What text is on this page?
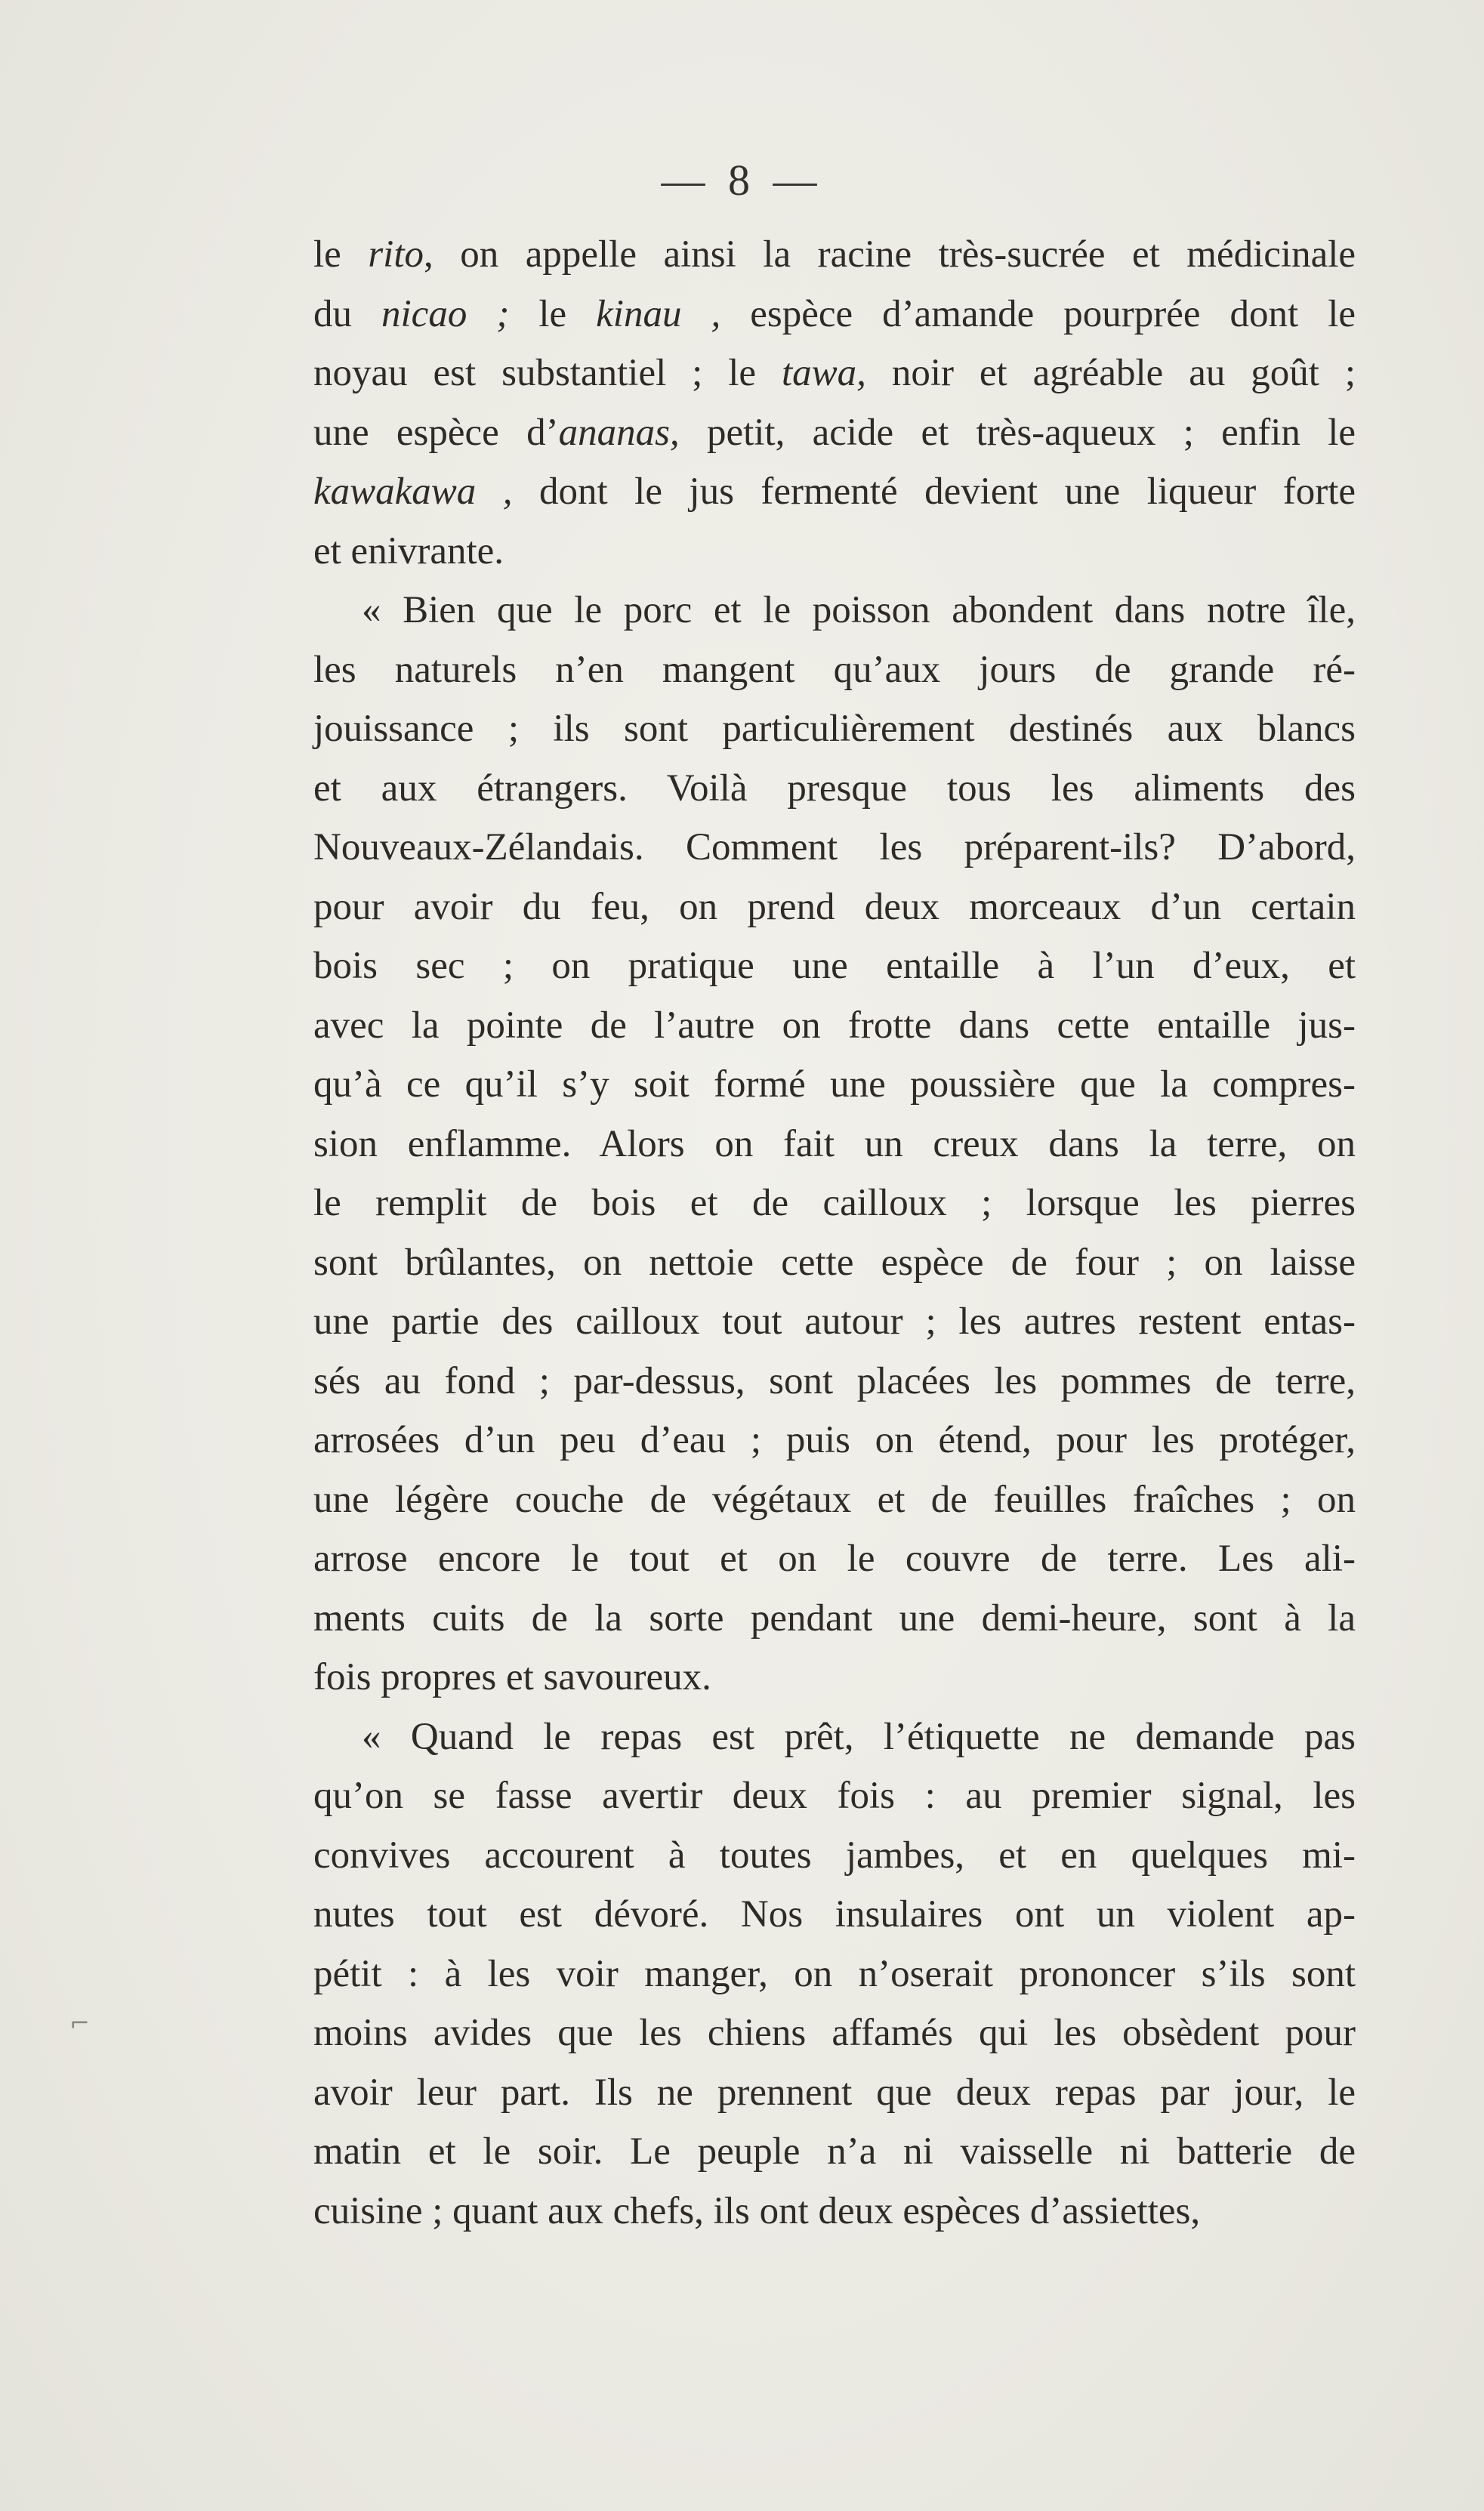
— 8 —
le rito, on appelle ainsi la racine très-sucrée et médicinale
du nicao ; le kinau , espèce d’amande pourprée dont le
noyau est substantiel ; le tawa, noir et agréable au goût ;
une espèce d’ananas, petit, acide et très-aqueux ; enfin le
kawakawa , dont le jus fermenté devient une liqueur forte
et enivrante.
« Bien que le porc et le poisson abondent dans notre île,
les naturels n’en mangent qu’aux jours de grande ré-
jouissance ; ils sont particulièrement destinés aux blancs
et aux étrangers. Voilà presque tous les aliments des
Nouveaux-Zélandais. Comment les préparent-ils? D’abord,
pour avoir du feu, on prend deux morceaux d’un certain
bois sec ; on pratique une entaille à l’un d’eux, et
avec la pointe de l’autre on frotte dans cette entaille jus-
qu’à ce qu’il s’y soit formé une poussière que la compres-
sion enflamme. Alors on fait un creux dans la terre, on
le remplit de bois et de cailloux ; lorsque les pierres
sont brûlantes, on nettoie cette espèce de four ; on laisse
une partie des cailloux tout autour ; les autres restent entas-
sés au fond ; par-dessus, sont placées les pommes de terre,
arrosées d’un peu d’eau ; puis on étend, pour les protéger,
une légère couche de végétaux et de feuilles fraîches ; on
arrose encore le tout et on le couvre de terre. Les ali-
ments cuits de la sorte pendant une demi-heure, sont à la
fois propres et savoureux.
« Quand le repas est prêt, l’étiquette ne demande pas
qu’on se fasse avertir deux fois : au premier signal, les
convives accourent à toutes jambes, et en quelques mi-
nutes tout est dévoré. Nos insulaires ont un violent ap-
pétit : à les voir manger, on n’oserait prononcer s’ils sont
moins avides que les chiens affamés qui les obsèdent pour
avoir leur part. Ils ne prennent que deux repas par jour, le
matin et le soir. Le peuple n’a ni vaisselle ni batterie de
cuisine ; quant aux chefs, ils ont deux espèces d’assiettes,
⌐
